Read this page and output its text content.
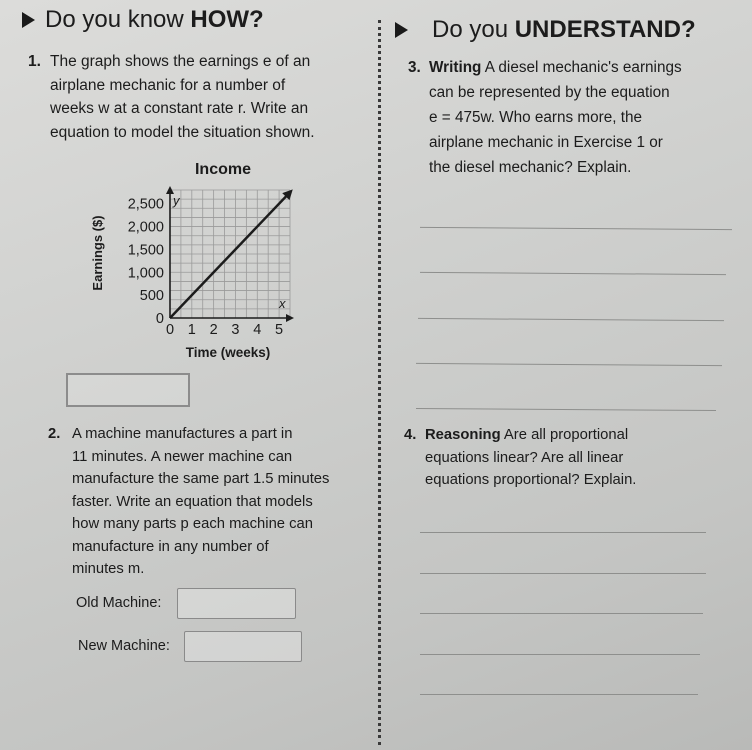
Do you know HOW?	Do you UNDERSTAND?
1. The graph shows the earnings e of an
airplane mechanic for a number of
weeks w at a constant rate r. Write an
equation to model the situation shown.
Income
0
500
1,000
1,500
2,000
2,500
0 1 2 3 4 5
y
x
Time (weeks)
Earnings ($)
2. A machine manufactures a part in
11 minutes. A newer machine can
manufacture the same part 1.5 minutes
faster. Write an equation that models
how many parts p each machine can
manufacture in any number of
minutes m.
Old Machine:
New Machine:
3. Writing A diesel mechanic's earnings
can be represented by the equation
e = 475w. Who earns more, the
airplane mechanic in Exercise 1 or
the diesel mechanic? Explain.
4. Reasoning Are all proportional
equations linear? Are all linear
equations proportional? Explain.
